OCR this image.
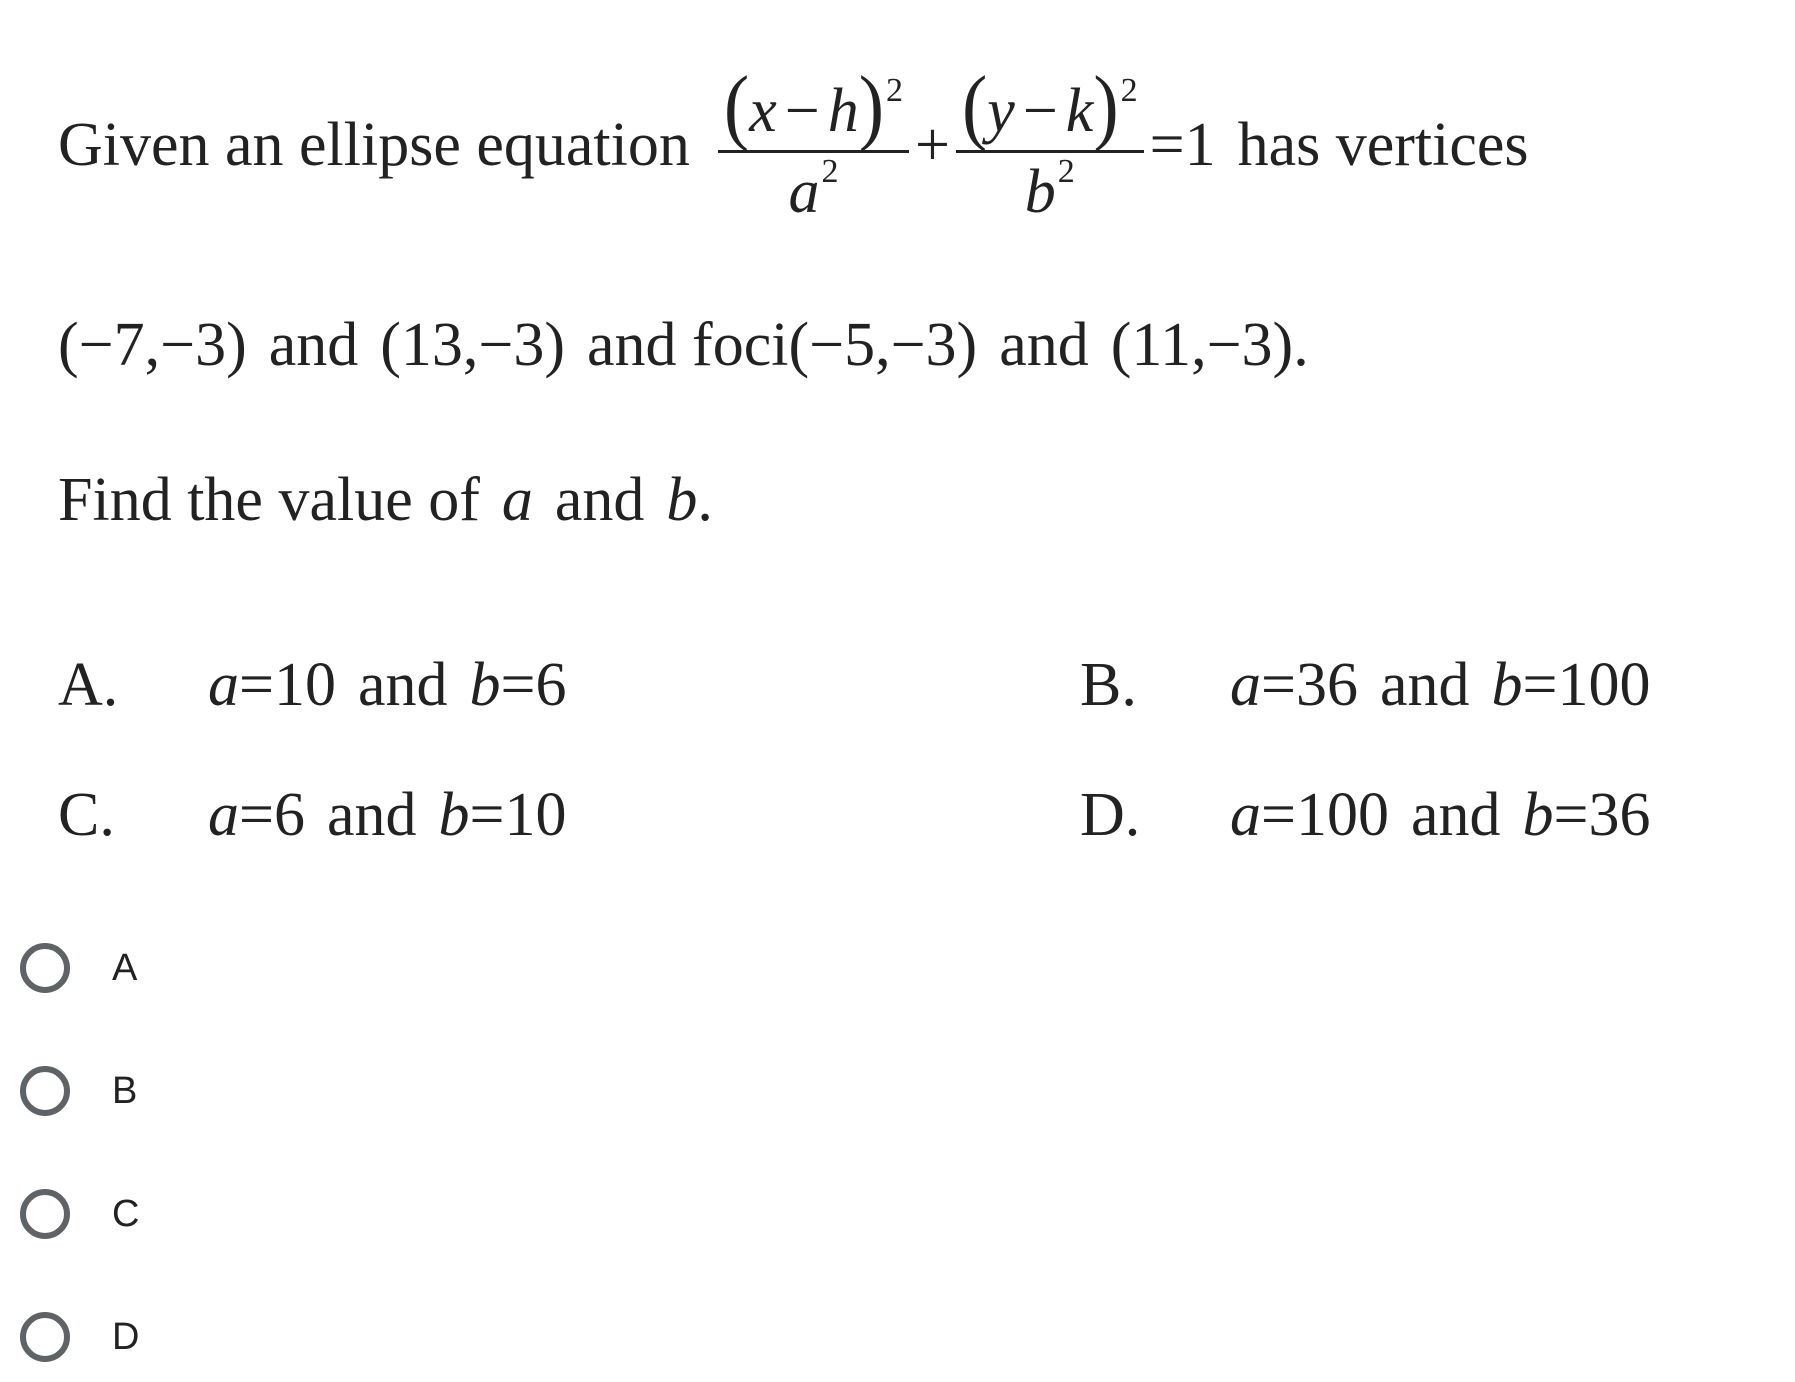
Given an ellipse equation $\frac{(x - h)^2}{a^2} + \frac{(y - k)^2}{b^2} =1$ has vertices
(−7,−3) and (13,−3) and foci (−5,−3) and (11,−3) .
Find the value of a and b .
A.	a =10 and b =6	B.	a =36 and b =100
C.	a =6 and b =10	D.	a =100 and b =36
A
B
C
D
